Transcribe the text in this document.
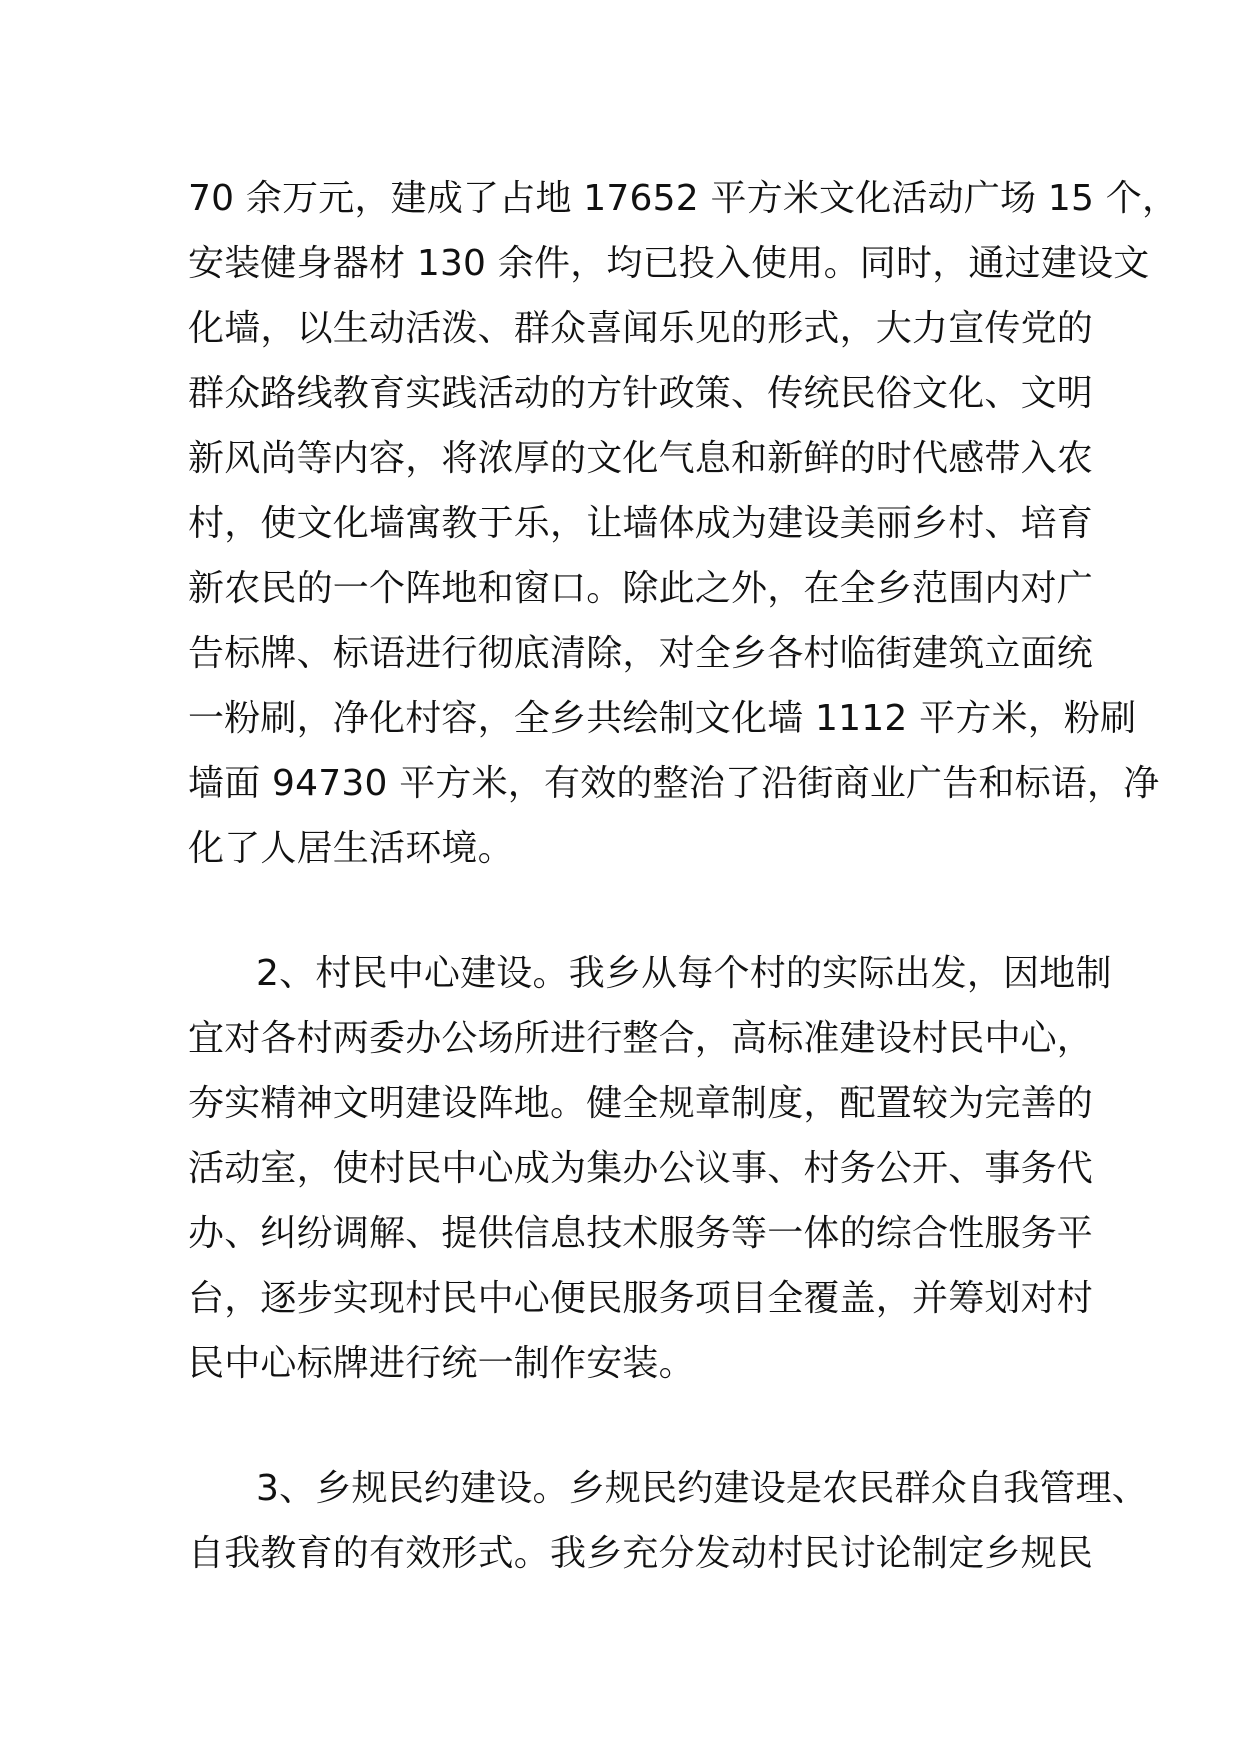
70 余万元，建成了占地 17652 平方米文化活动广场 15 个，
安装健身器材 130 余件，均已投入使用。同时，通过建设文
化墙，以生动活泼、群众喜闻乐见的形式，大力宣传党的
群众路线教育实践活动的方针政策、传统民俗文化、文明
新风尚等内容，将浓厚的文化气息和新鲜的时代感带入农
村，使文化墙寓教于乐，让墙体成为建设美丽乡村、培育
新农民的一个阵地和窗口。除此之外，在全乡范围内对广
告标牌、标语进行彻底清除，对全乡各村临街建筑立面统
一粉刷，净化村容，全乡共绘制文化墙 1112 平方米，粉刷
墙面 94730 平方米，有效的整治了沿街商业广告和标语，净
化了人居生活环境。
2、村民中心建设。我乡从每个村的实际出发，因地制
宜对各村两委办公场所进行整合，高标准建设村民中心，
夯实精神文明建设阵地。健全规章制度，配置较为完善的
活动室，使村民中心成为集办公议事、村务公开、事务代
办、纠纷调解、提供信息技术服务等一体的综合性服务平
台，逐步实现村民中心便民服务项目全覆盖，并筹划对村
民中心标牌进行统一制作安装。
3、乡规民约建设。乡规民约建设是农民群众自我管理、
自我教育的有效形式。我乡充分发动村民讨论制定乡规民
